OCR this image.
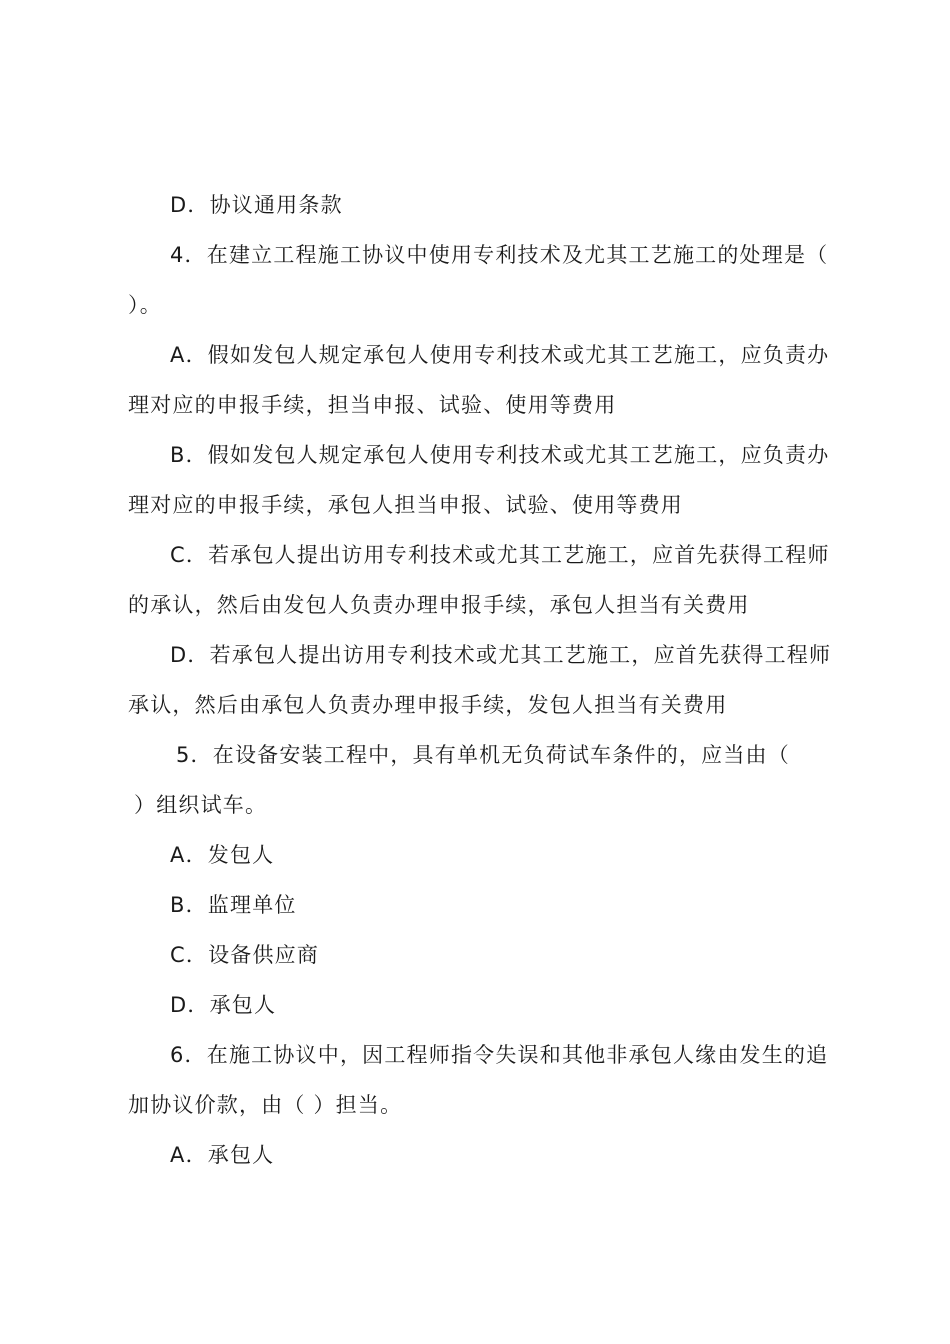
D．协议通用条款
4．在建立工程施工协议中使用专利技术及尤其工艺施工的处理是（
）。
A．假如发包人规定承包人使用专利技术或尤其工艺施工，应负责办
理对应的申报手续，担当申报、试验、使用等费用
B．假如发包人规定承包人使用专利技术或尤其工艺施工，应负责办
理对应的申报手续，承包人担当申报、试验、使用等费用
C．若承包人提出访用专利技术或尤其工艺施工，应首先获得工程师
的承认，然后由发包人负责办理申报手续，承包人担当有关费用
D．若承包人提出访用专利技术或尤其工艺施工，应首先获得工程师
承认，然后由承包人负责办理申报手续，发包人担当有关费用
5．在设备安装工程中，具有单机无负荷试车条件的，应当由（
）组织试车。
A．发包人
B．监理单位
C．设备供应商
D．承包人
6．在施工协议中，因工程师指令失误和其他非承包人缘由发生的追
加协议价款，由（ ）担当。
A．承包人
